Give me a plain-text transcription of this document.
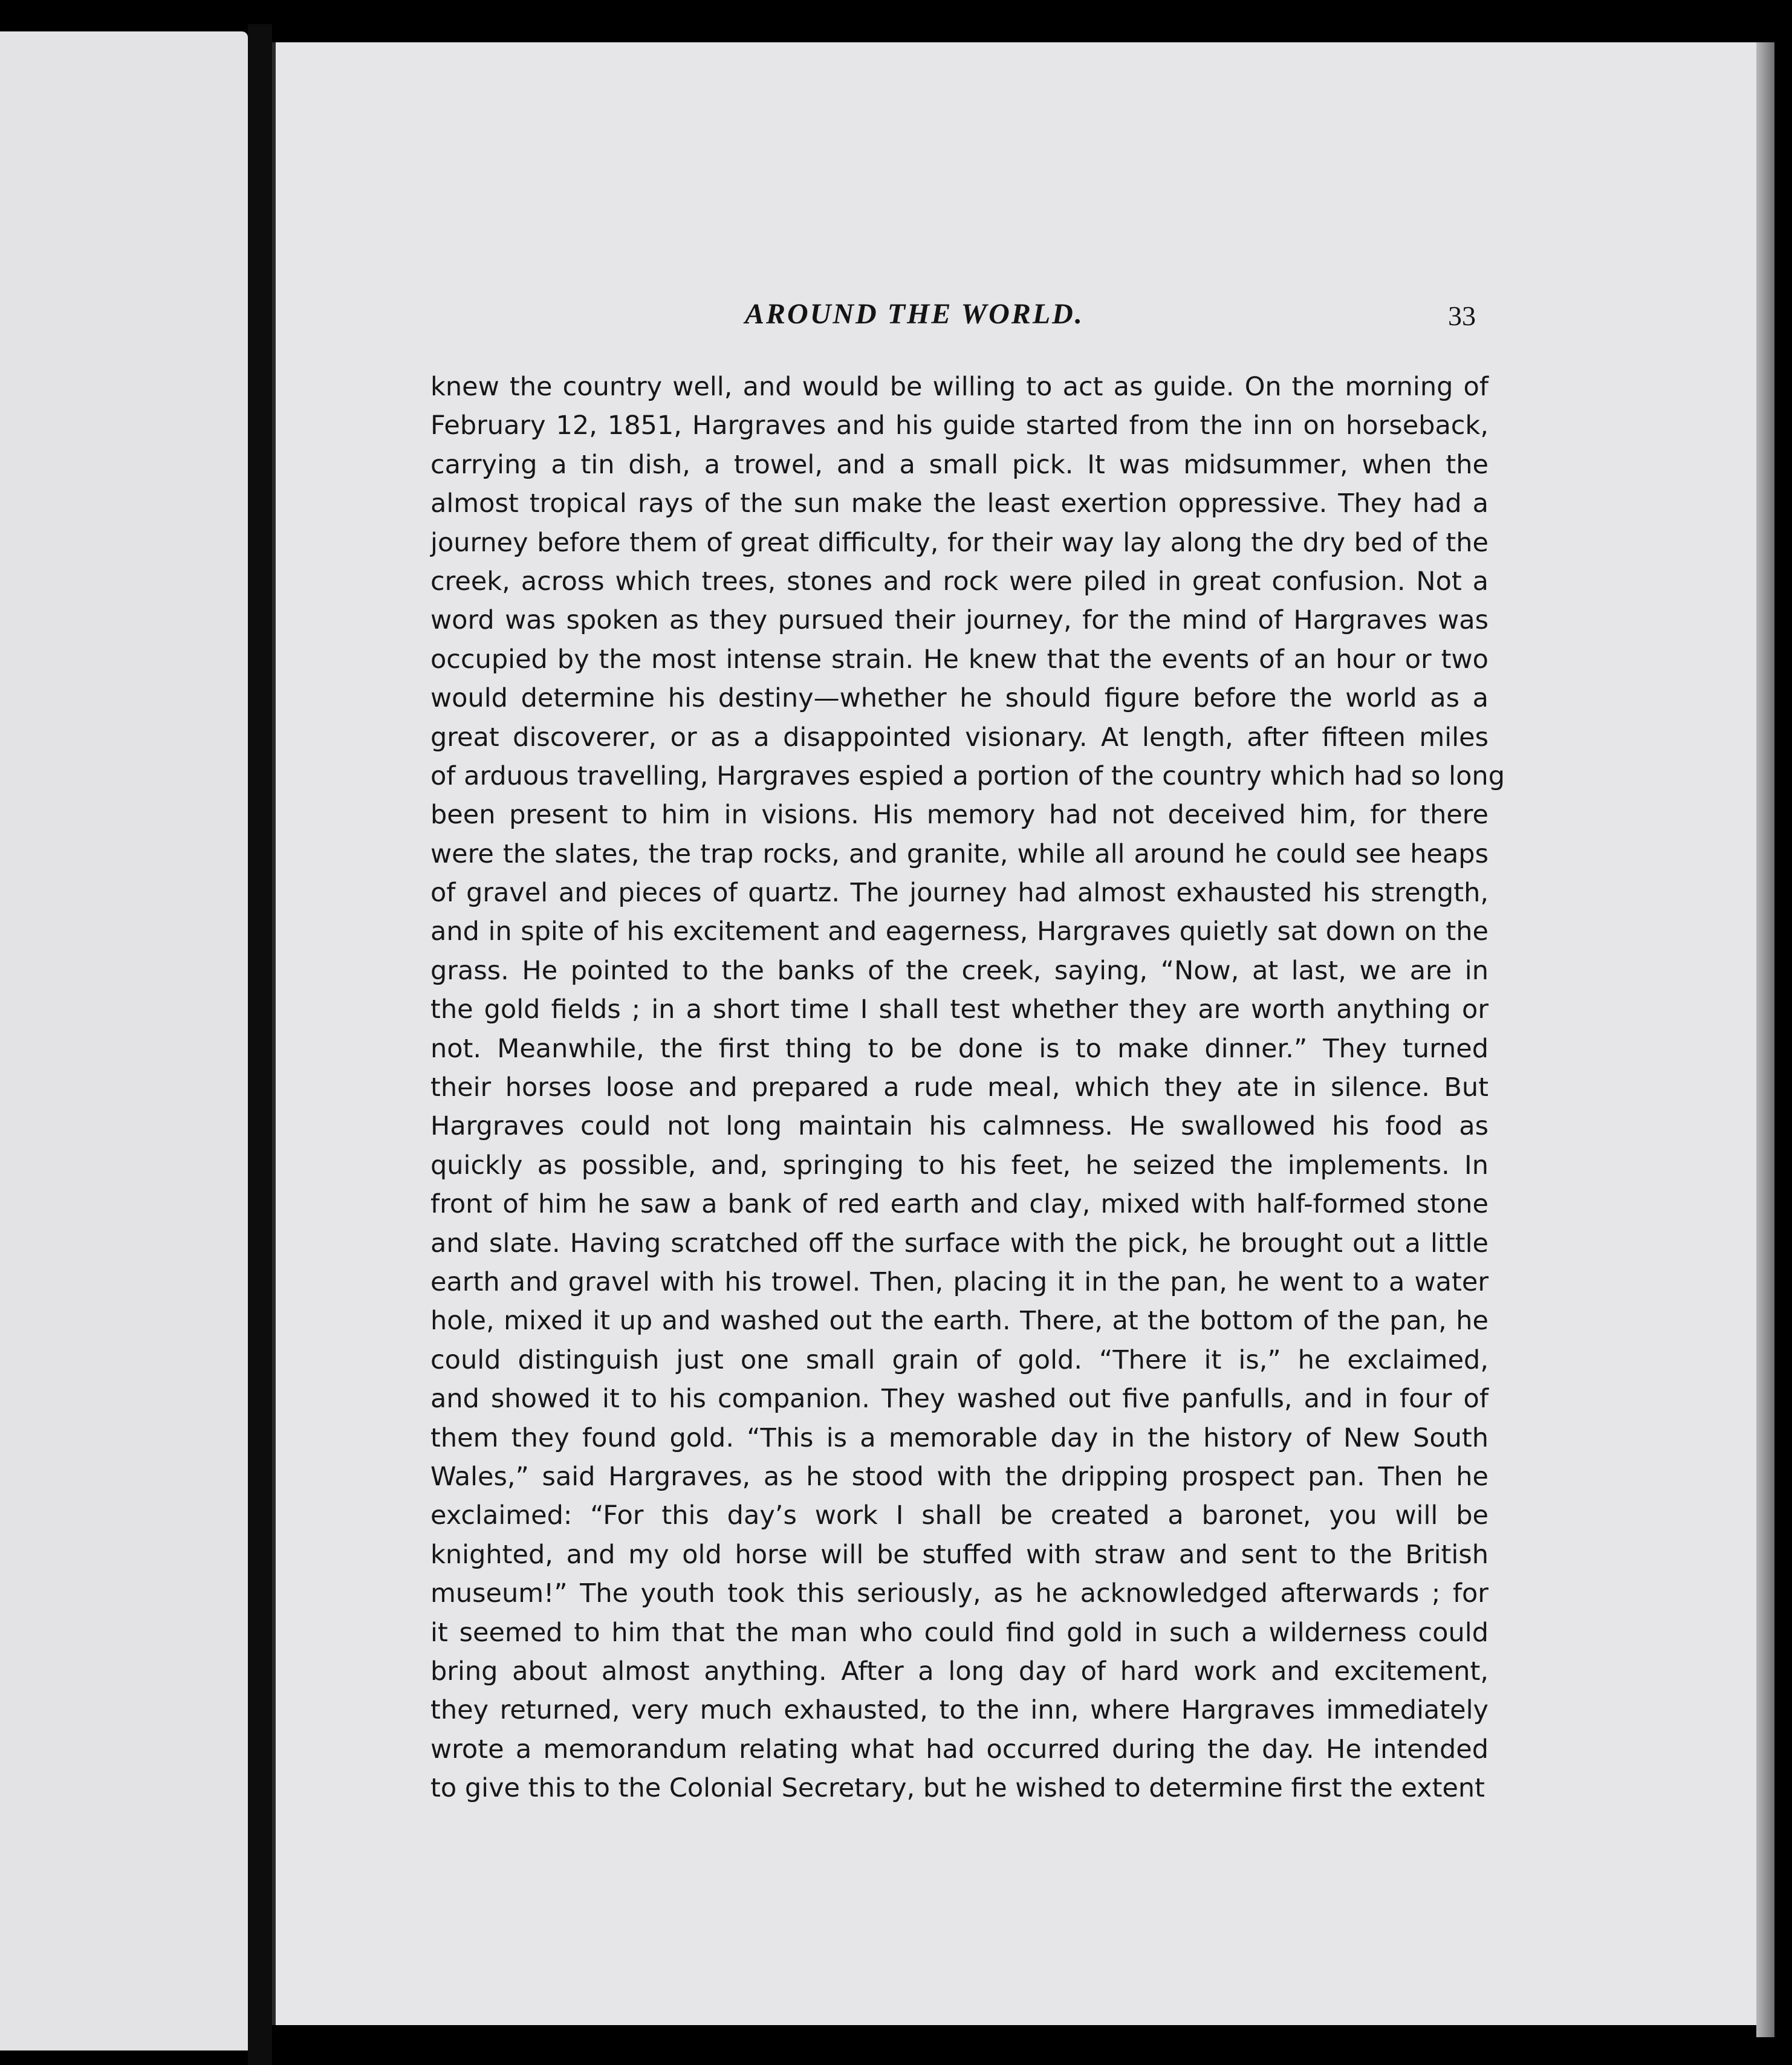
AROUND THE WORLD.	33
knew the country well, and would be willing to act as guide. On the morning of
February 12, 1851, Hargraves and his guide started from the inn on horseback,
carrying a tin dish, a trowel, and a small pick. It was midsummer, when the
almost tropical rays of the sun make the least exertion oppressive. They had a
journey before them of great difficulty, for their way lay along the dry bed of the
creek, across which trees, stones and rock were piled in great confusion. Not a
word was spoken as they pursued their journey, for the mind of Hargraves was
occupied by the most intense strain. He knew that the events of an hour or two
would determine his destiny—whether he should figure before the world as a
great discoverer, or as a disappointed visionary. At length, after fifteen miles
of arduous travelling, Hargraves espied a portion of the country which had so long
been present to him in visions. His memory had not deceived him, for there
were the slates, the trap rocks, and granite, while all around he could see heaps
of gravel and pieces of quartz. The journey had almost exhausted his strength,
and in spite of his excitement and eagerness, Hargraves quietly sat down on the
grass. He pointed to the banks of the creek, saying, “Now, at last, we are in
the gold fields ; in a short time I shall test whether they are worth anything or
not. Meanwhile, the first thing to be done is to make dinner.” They turned
their horses loose and prepared a rude meal, which they ate in silence. But
Hargraves could not long maintain his calmness. He swallowed his food as
quickly as possible, and, springing to his feet, he seized the implements. In
front of him he saw a bank of red earth and clay, mixed with half-formed stone
and slate. Having scratched off the surface with the pick, he brought out a little
earth and gravel with his trowel. Then, placing it in the pan, he went to a water
hole, mixed it up and washed out the earth. There, at the bottom of the pan, he
could distinguish just one small grain of gold. “There it is,” he exclaimed,
and showed it to his companion. They washed out five panfulls, and in four of
them they found gold. “This is a memorable day in the history of New South
Wales,” said Hargraves, as he stood with the dripping prospect pan. Then he
exclaimed: “For this day’s work I shall be created a baronet, you will be
knighted, and my old horse will be stuffed with straw and sent to the British
museum!” The youth took this seriously, as he acknowledged afterwards ; for
it seemed to him that the man who could find gold in such a wilderness could
bring about almost anything. After a long day of hard work and excitement,
they returned, very much exhausted, to the inn, where Hargraves immediately
wrote a memorandum relating what had occurred during the day. He intended
to give this to the Colonial Secretary, but he wished to determine first the extent
